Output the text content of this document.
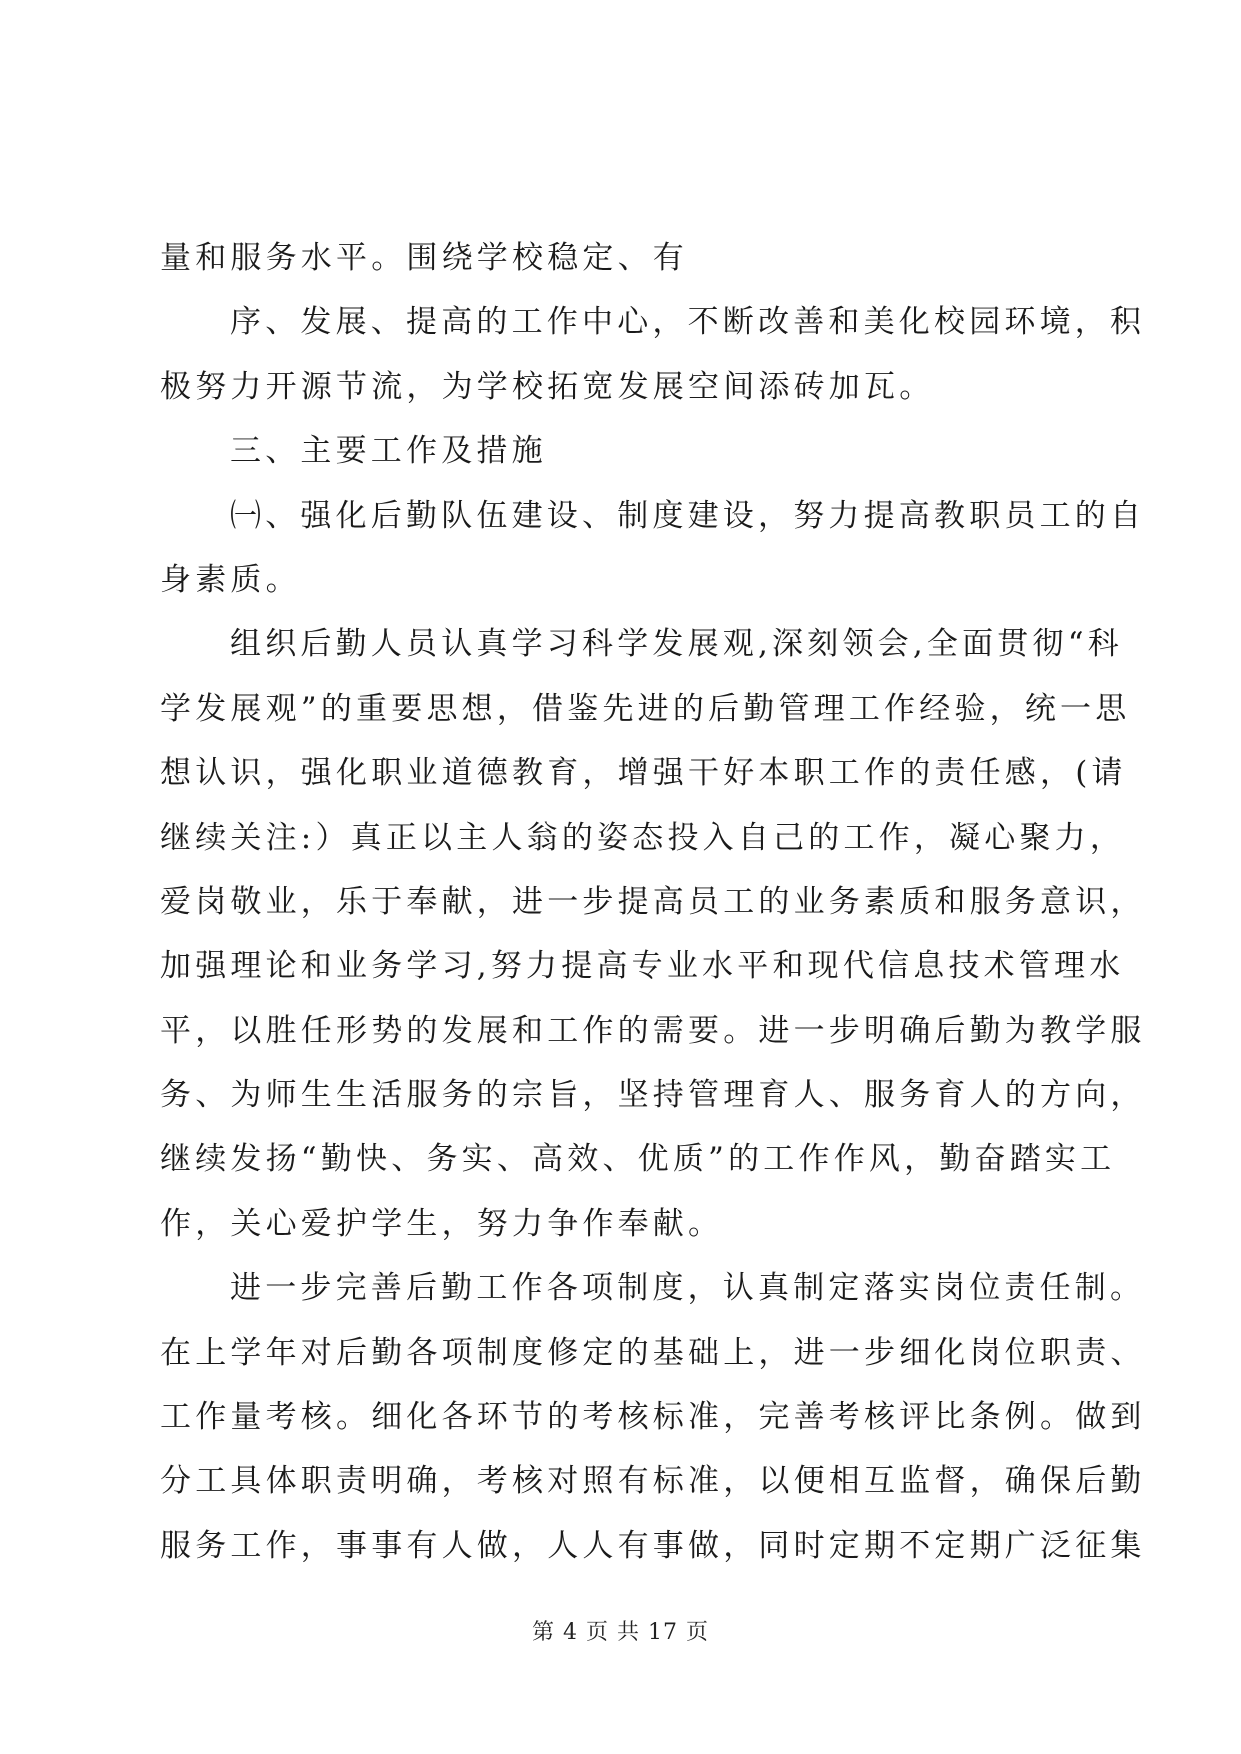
量和服务水平。围绕学校稳定、有
序、发展、提高的工作中心，不断改善和美化校园环境，积
极努力开源节流，为学校拓宽发展空间添砖加瓦。
三、主要工作及措施
㈠、强化后勤队伍建设、制度建设，努力提高教职员工的自
身素质。
组织后勤人员认真学习科学发展观,深刻领会,全面贯彻“科
学发展观”的重要思想，借鉴先进的后勤管理工作经验，统一思
想认识，强化职业道德教育，增强干好本职工作的责任感，(请
继续关注:）真正以主人翁的姿态投入自己的工作，凝心聚力，
爱岗敬业，乐于奉献，进一步提高员工的业务素质和服务意识，
加强理论和业务学习,努力提高专业水平和现代信息技术管理水
平，以胜任形势的发展和工作的需要。进一步明确后勤为教学服
务、为师生生活服务的宗旨，坚持管理育人、服务育人的方向，
继续发扬“勤快、务实、高效、优质”的工作作风，勤奋踏实工
作，关心爱护学生，努力争作奉献。
进一步完善后勤工作各项制度，认真制定落实岗位责任制。
在上学年对后勤各项制度修定的基础上，进一步细化岗位职责、
工作量考核。细化各环节的考核标准，完善考核评比条例。做到
分工具体职责明确，考核对照有标准，以便相互监督，确保后勤
服务工作，事事有人做，人人有事做，同时定期不定期广泛征集
第 4 页 共 17 页
